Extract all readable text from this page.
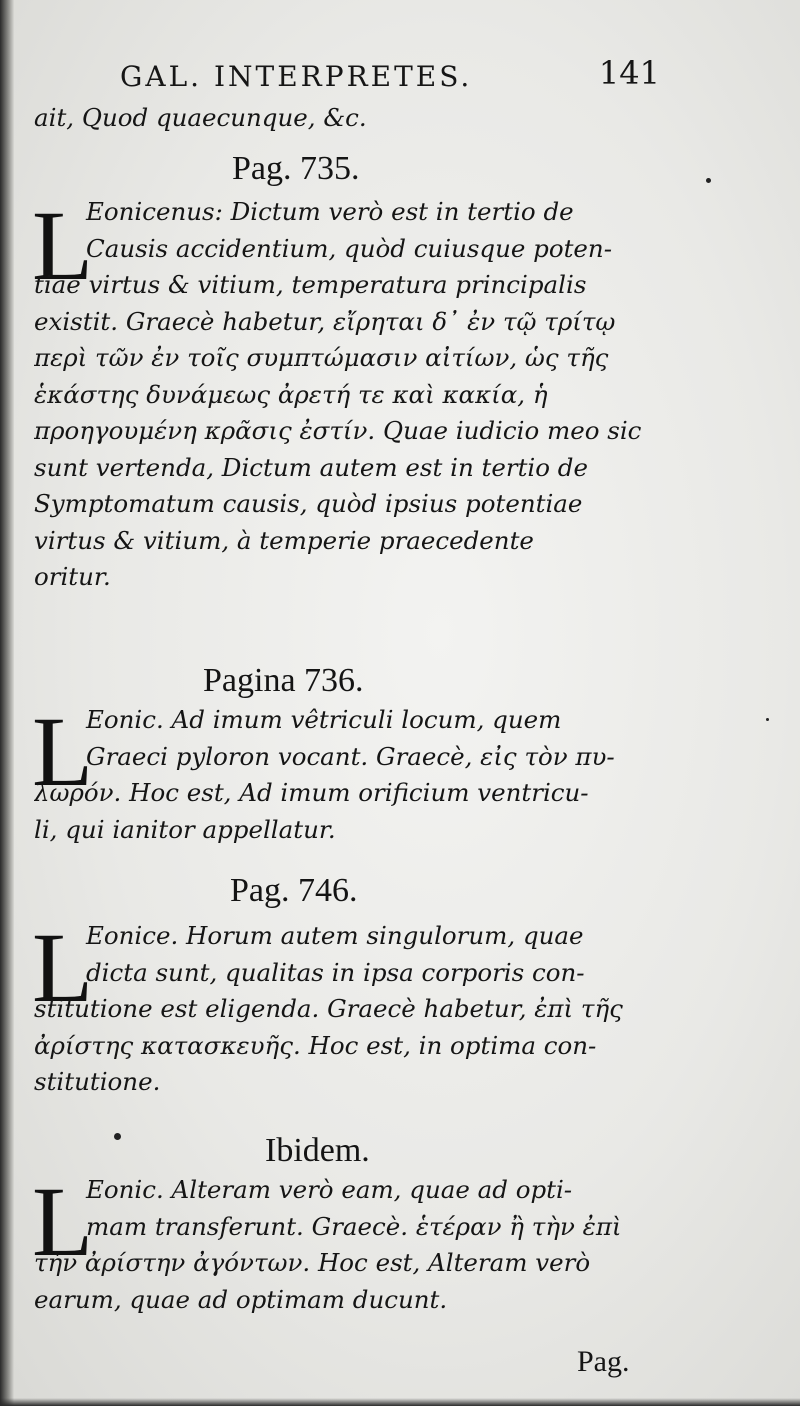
GAL. INTERPRETES.	141
ait, Quod quaecunque, &c.
Pag. 735.
L
Eonicenus: Dictum verò est in tertio de
Causis accidentium, quòd cuiusque poten-
tiae virtus & vitium, temperatura principalis
existit. Graecè habetur, εἴρηται δ᾽ ἐν τῷ τρίτῳ
περὶ τῶν ἐν τοῖς συμπτώμασιν αἰτίων, ὡς τῆς
ἑκάστης δυνάμεως ἀρετή τε καὶ κακία, ἡ
προηγουμένη κρᾶσις ἐστίν. Quae iudicio meo sic
sunt vertenda, Dictum autem est in tertio de
Symptomatum causis, quòd ipsius potentiae
virtus & vitium, à temperie praecedente
oritur.
Pagina 736.
L
Eonic. Ad imum vêtriculi locum, quem
Graeci pyloron vocant. Graecè, εἰς τὸν πυ-
λωρόν. Hoc est, Ad imum orificium ventricu-
li, qui ianitor appellatur.
Pag. 746.
L
Eonice. Horum autem singulorum, quae
dicta sunt, qualitas in ipsa corporis con-
stitutione est eligenda. Graecè habetur, ἐπὶ τῆς
ἀρίστης κατασκευῆς. Hoc est, in optima con-
stitutione.
Ibidem.
L
Eonic. Alteram verò eam, quae ad opti-
mam transferunt. Graecè. ἑτέραν ἢ τὴν ἐπὶ
τὴν ἀρίστην ἀγόντων. Hoc est, Alteram verò
earum, quae ad optimam ducunt.
Pag.
